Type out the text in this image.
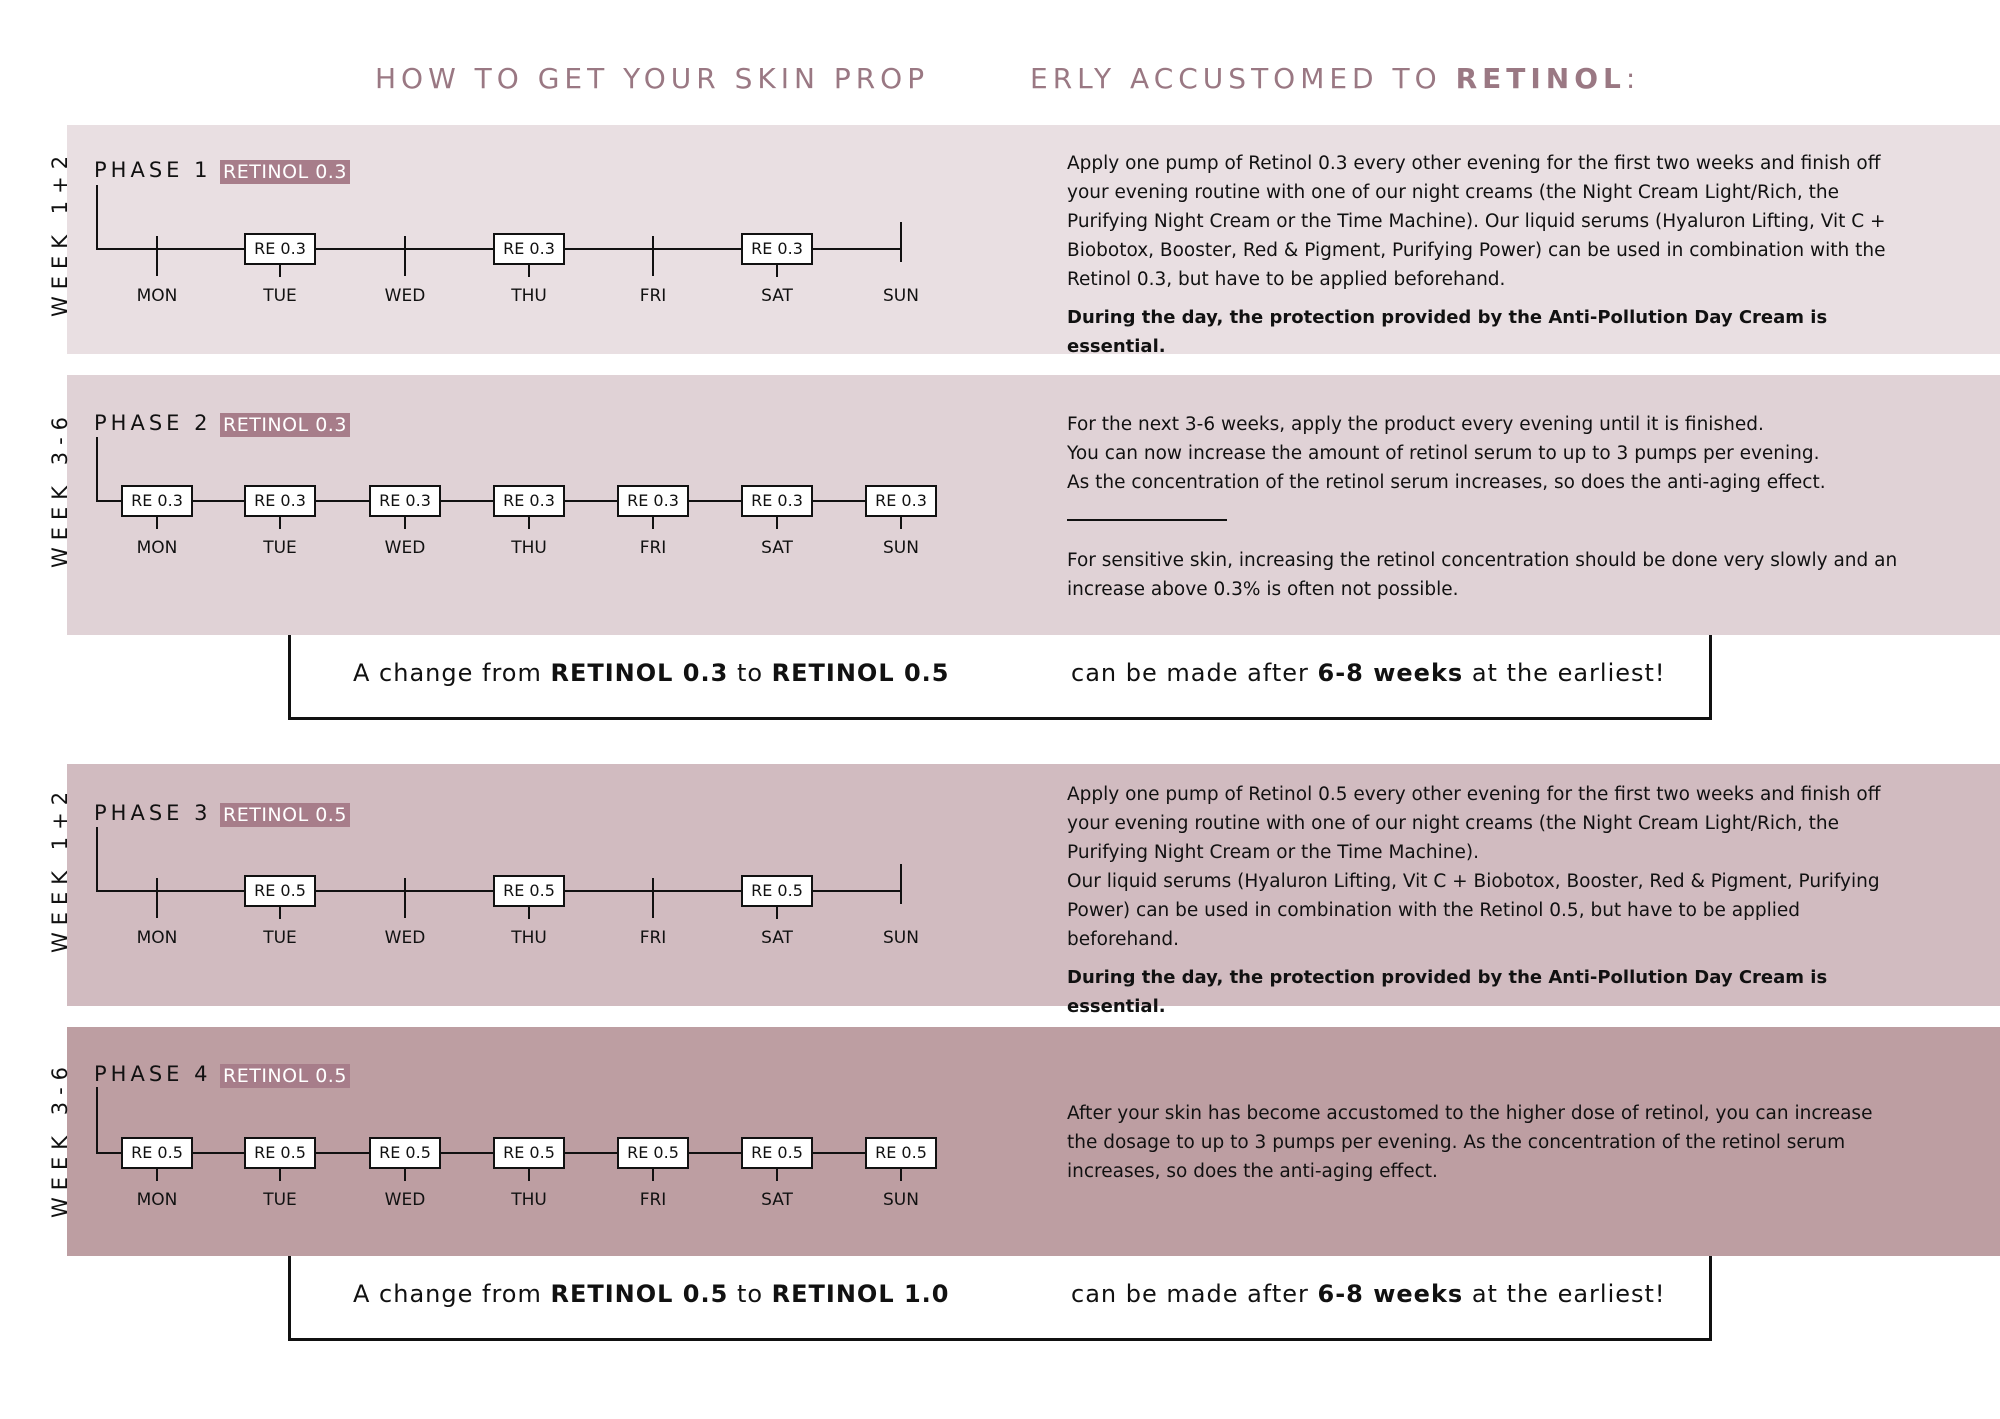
HOW TO GET YOUR SKIN PROP	ERLY ACCUSTOMED TO RETINOL:
WEEK 1+2
WEEK 3-6
WEEK 1+2
WEEK 3-6
PHASE 1 RETINOL 0.3
PHASE 2 RETINOL 0.3
PHASE 3 RETINOL 0.5
PHASE 4 RETINOL 0.5
MON
RE 0.3
TUE	WED
RE 0.3
THU	FRI
RE 0.3
SAT	SUN
RE 0.3
MON
RE 0.3
TUE
RE 0.3
WED
RE 0.3
THU
RE 0.3
FRI
RE 0.3
SAT
RE 0.3
SUN
MON
RE 0.5
TUE	WED
RE 0.5
THU	FRI
RE 0.5
SAT	SUN
RE 0.5
MON
RE 0.5
TUE
RE 0.5
WED
RE 0.5
THU
RE 0.5
FRI
RE 0.5
SAT
RE 0.5
SUN

Apply one pump of Retinol 0.3 every other evening for the first two weeks and finish off your evening routine with one of our night creams (the Night Cream Light/Rich, the Purifying Night Cream or the Time Machine). Our liquid serums (Hyaluron Lifting, Vit C + Biobotox, Booster, Red & Pigment, Purifying Power) can be used in combination with the Retinol 0.3, but have to be applied beforehand.

During the day, the protection provided by the Anti-Pollution Day Cream is essential.

For the next 3-6 weeks, apply the product every evening until it is finished.

You can now increase the amount of retinol serum to up to 3 pumps per evening.

As the concentration of the retinol serum increases, so does the anti-aging effect.

For sensitive skin, increasing the retinol concentration should be done very slowly and an increase above 0.3% is often not possible.

Apply one pump of Retinol 0.5 every other evening for the first two weeks and finish off your evening routine with one of our night creams (the Night Cream Light/Rich, the Purifying Night Cream or the Time Machine).

Our liquid serums (Hyaluron Lifting, Vit C + Biobotox, Booster, Red & Pigment, Purifying Power) can be used in combination with the Retinol 0.5, but have to be applied beforehand.

During the day, the protection provided by the Anti-Pollution Day Cream is essential.

After your skin has become accustomed to the higher dose of retinol, you can increase the dosage to up to 3 pumps per evening. As the concentration of the retinol serum increases, so does the anti-aging effect.

A change from RETINOL 0.3 to RETINOL 0.5	can be made after 6-8 weeks at the earliest!
A change from RETINOL 0.5 to RETINOL 1.0	can be made after 6-8 weeks at the earliest!
